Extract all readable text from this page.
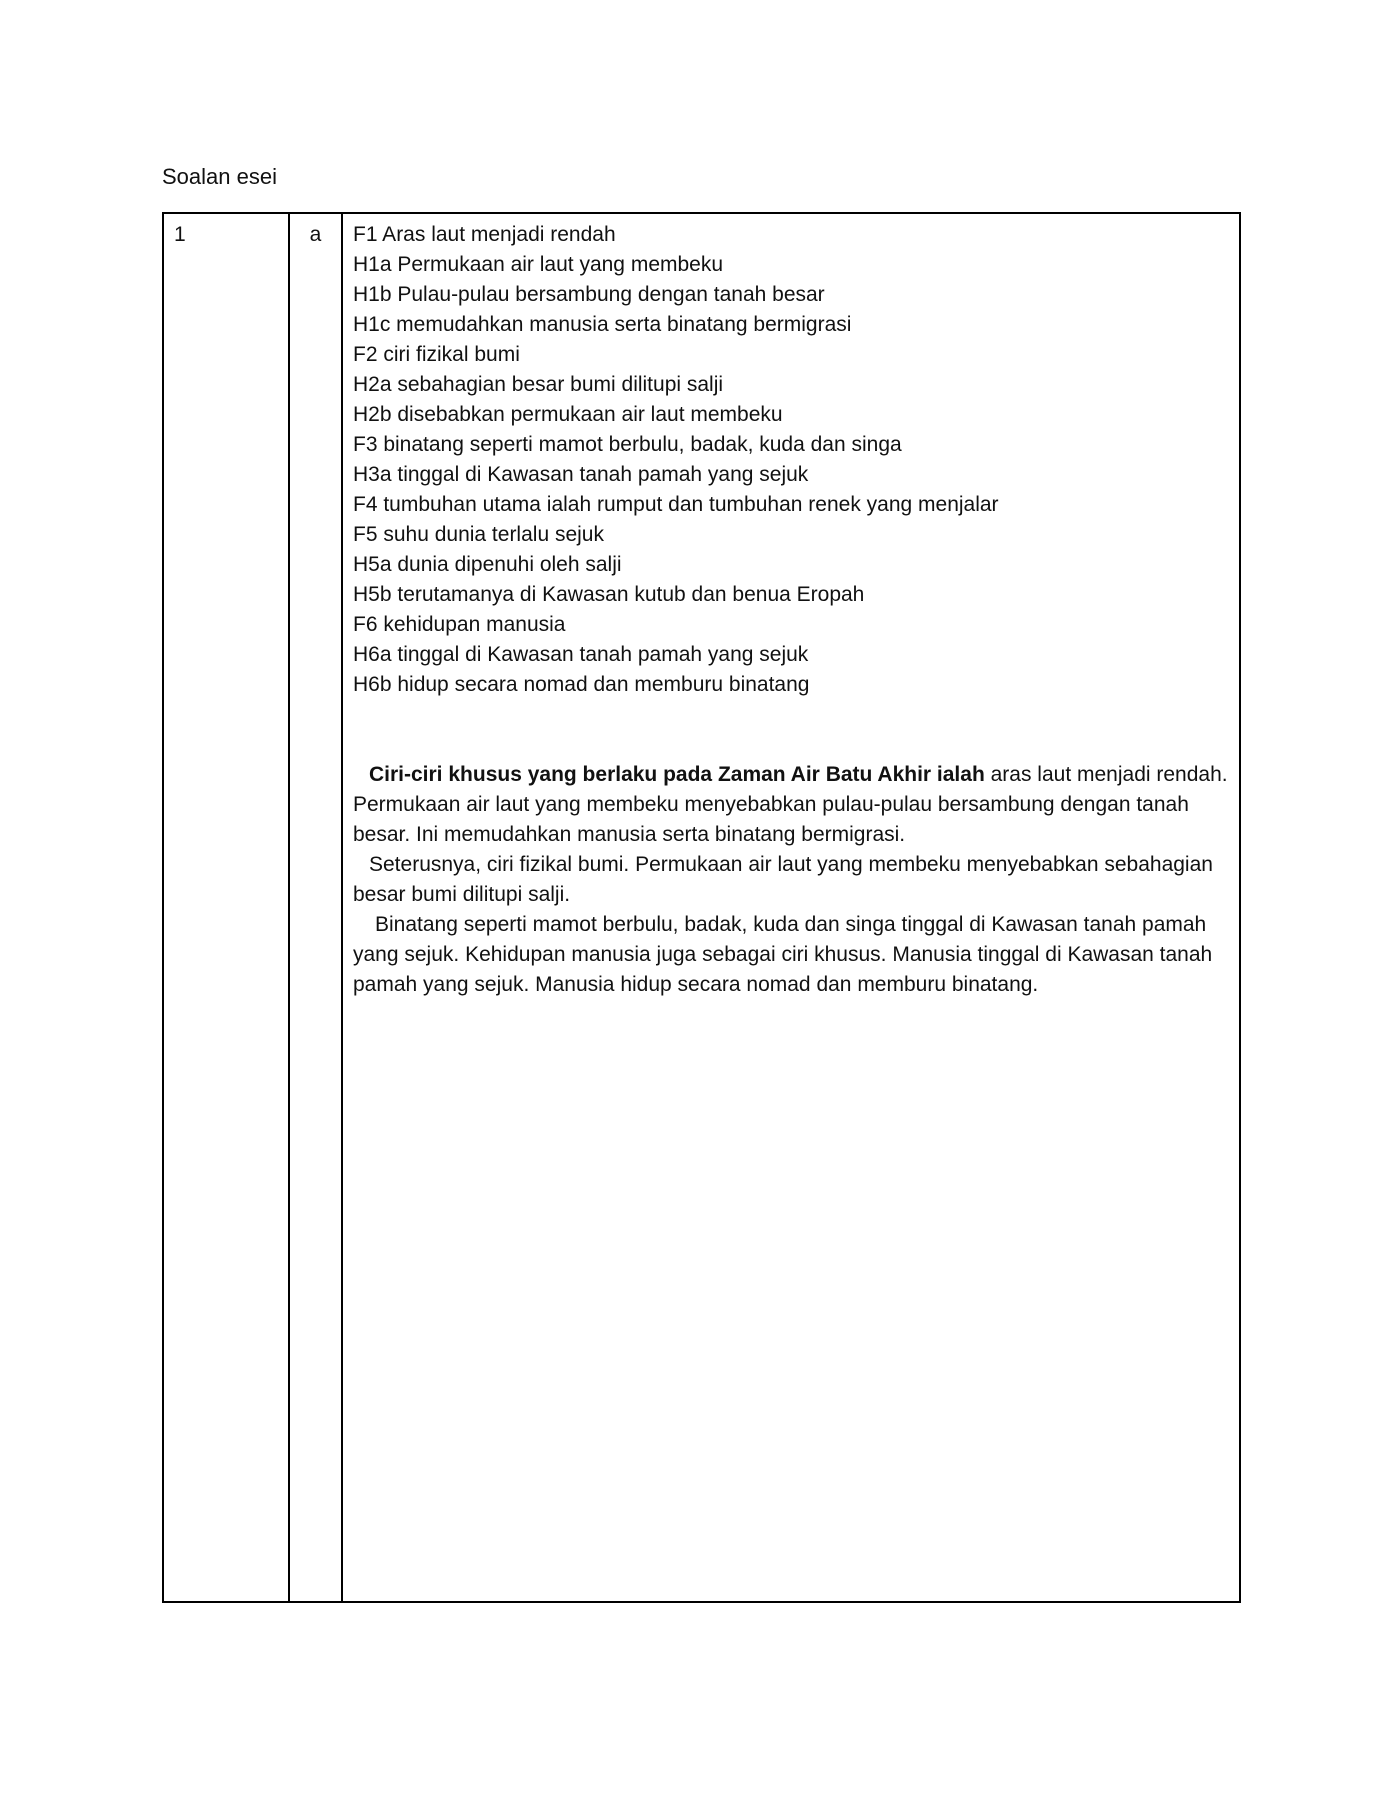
Soalan esei
1	a	F1 Aras laut menjadi rendah
H1a Permukaan air laut yang membeku
H1b Pulau-pulau bersambung dengan tanah besar
H1c memudahkan manusia serta binatang bermigrasi
F2 ciri fizikal bumi
H2a sebahagian besar bumi dilitupi salji
H2b disebabkan permukaan air laut membeku
F3 binatang seperti mamot berbulu, badak, kuda dan singa
H3a tinggal di Kawasan tanah pamah yang sejuk
F4 tumbuhan utama ialah rumput dan tumbuhan renek yang menjalar
F5 suhu dunia terlalu sejuk
H5a dunia dipenuhi oleh salji
H5b terutamanya di Kawasan kutub dan benua Eropah
F6 kehidupan manusia
H6a tinggal di Kawasan tanah pamah yang sejuk
H6b hidup secara nomad dan memburu binatang

Ciri-ciri khusus yang berlaku pada Zaman Air Batu Akhir ialah aras laut menjadi rendah. Permukaan air laut yang membeku menyebabkan pulau-pulau bersambung dengan tanah besar. Ini memudahkan manusia serta binatang bermigrasi.

Seterusnya, ciri fizikal bumi. Permukaan air laut yang membeku menyebabkan sebahagian besar bumi dilitupi salji.

Binatang seperti mamot berbulu, badak, kuda dan singa tinggal di Kawasan tanah pamah yang sejuk. Kehidupan manusia juga sebagai ciri khusus. Manusia tinggal di Kawasan tanah pamah yang sejuk. Manusia hidup secara nomad dan memburu binatang.
